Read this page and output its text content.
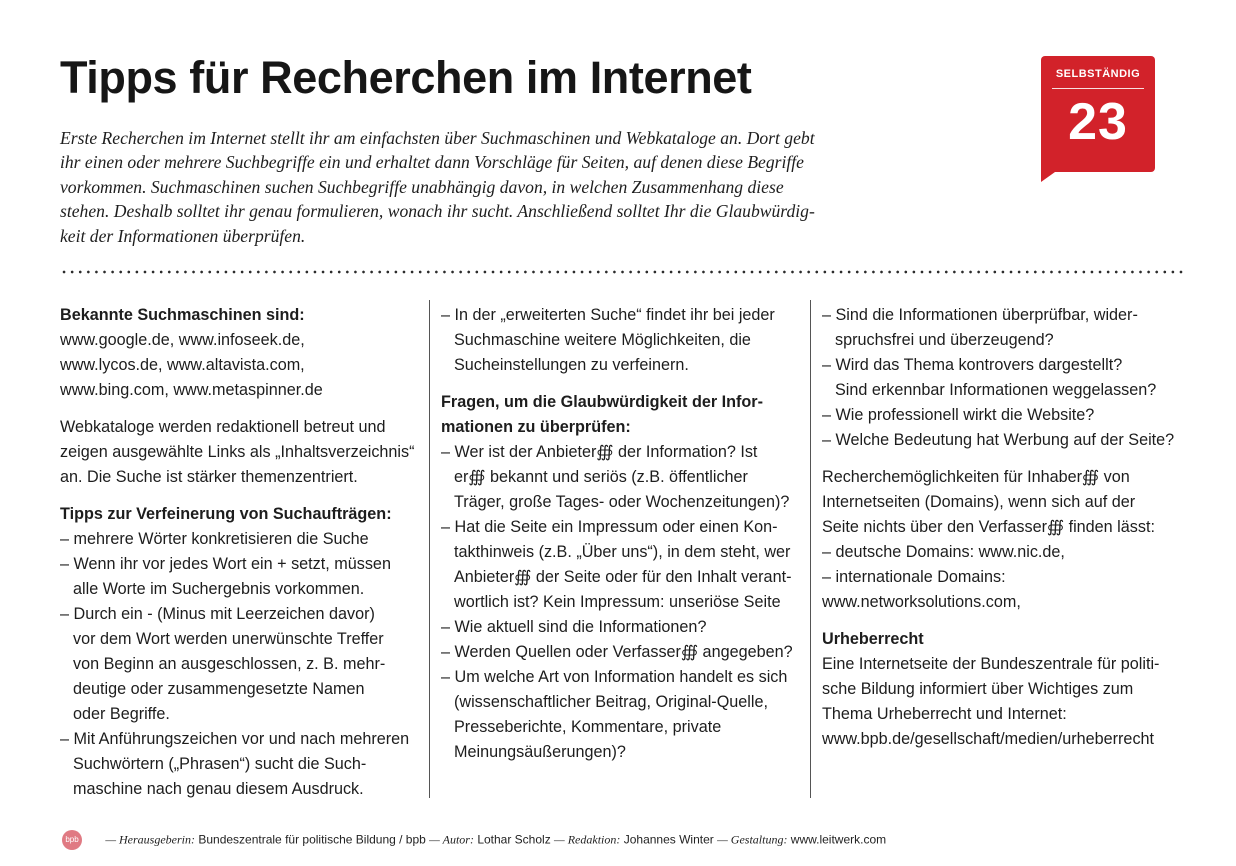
Tipps für Recherchen im Internet	SELBSTÄNDIG
23
Erste Recherchen im Internet stellt ihr am einfachsten über Suchmaschinen und Webkataloge an. Dort gebt
ihr einen oder mehrere Suchbegriffe ein und erhaltet dann Vorschläge für Seiten, auf denen diese Begriffe
vorkommen. Suchmaschinen suchen Suchbegriffe unabhängig davon, in welchen Zusammenhang diese
stehen. Deshalb solltet ihr genau formulieren, wonach ihr sucht. Anschließend solltet Ihr die Glaubwürdig-
keit der Informationen überprüfen.
Bekannte Suchmaschinen sind:
www.google.de, www.infoseek.de,
www.lycos.de, www.altavista.com,
www.bing.com, www.metaspinner.de
Webkataloge werden redaktionell betreut und
zeigen ausgewählte Links als „Inhaltsverzeichnis“
an. Die Suche ist stärker themenzentriert.
Tipps zur Verfeinerung von Suchaufträgen:
– mehrere Wörter konkretisieren die Suche
– Wenn ihr vor jedes Wort ein + setzt, müssen
alle Worte im Suchergebnis vorkommen.
– Durch ein - (Minus mit Leerzeichen davor)
vor dem Wort werden unerwünschte Treffer
von Beginn an ausgeschlossen, z. B. mehr-
deutige oder zusammengesetzte Namen
oder Begriffe.
– Mit Anführungszeichen vor und nach mehreren
Suchwörtern („Phrasen“) sucht die Such-
maschine nach genau diesem Ausdruck.
– In der „erweiterten Suche“ findet ihr bei jeder
Suchmaschine weitere Möglichkeiten, die
Sucheinstellungen zu verfeinern.
Fragen, um die Glaubwürdigkeit der Infor-
mationen zu überprüfen:
– Wer ist der Anbieter∰ der Information? Ist
er∰ bekannt und seriös (z.B. öffentlicher
Träger, große Tages- oder Wochenzeitungen)?
– Hat die Seite ein Impressum oder einen Kon-
takthinweis (z.B. „Über uns“), in dem steht, wer
Anbieter∰ der Seite oder für den Inhalt verant-
wortlich ist? Kein Impressum: unseriöse Seite
– Wie aktuell sind die Informationen?
– Werden Quellen oder Verfasser∰ angegeben?
– Um welche Art von Information handelt es sich
(wissenschaftlicher Beitrag, Original-Quelle,
Presseberichte, Kommentare, private
Meinungsäußerungen)?
– Sind die Informationen überprüfbar, wider-
spruchsfrei und überzeugend?
– Wird das Thema kontrovers dargestellt?
Sind erkennbar Informationen weggelassen?
– Wie professionell wirkt die Website?
– Welche Bedeutung hat Werbung auf der Seite?
Recherchemöglichkeiten für Inhaber∰ von
Internetseiten (Domains), wenn sich auf der
Seite nichts über den Verfasser∰ finden lässt:
– deutsche Domains: www.nic.de,
– internationale Domains:
www.networksolutions.com,
Urheberrecht
Eine Internetseite der Bundeszentrale für politi-
sche Bildung informiert über Wichtiges zum
Thema Urheberrecht und Internet:
www.bpb.de/gesellschaft/medien/urheberrecht
bpb — Herausgeberin: Bundeszentrale für politische Bildung / bpb — Autor: Lothar Scholz — Redaktion: Johannes Winter — Gestaltung: www.leitwerk.com
